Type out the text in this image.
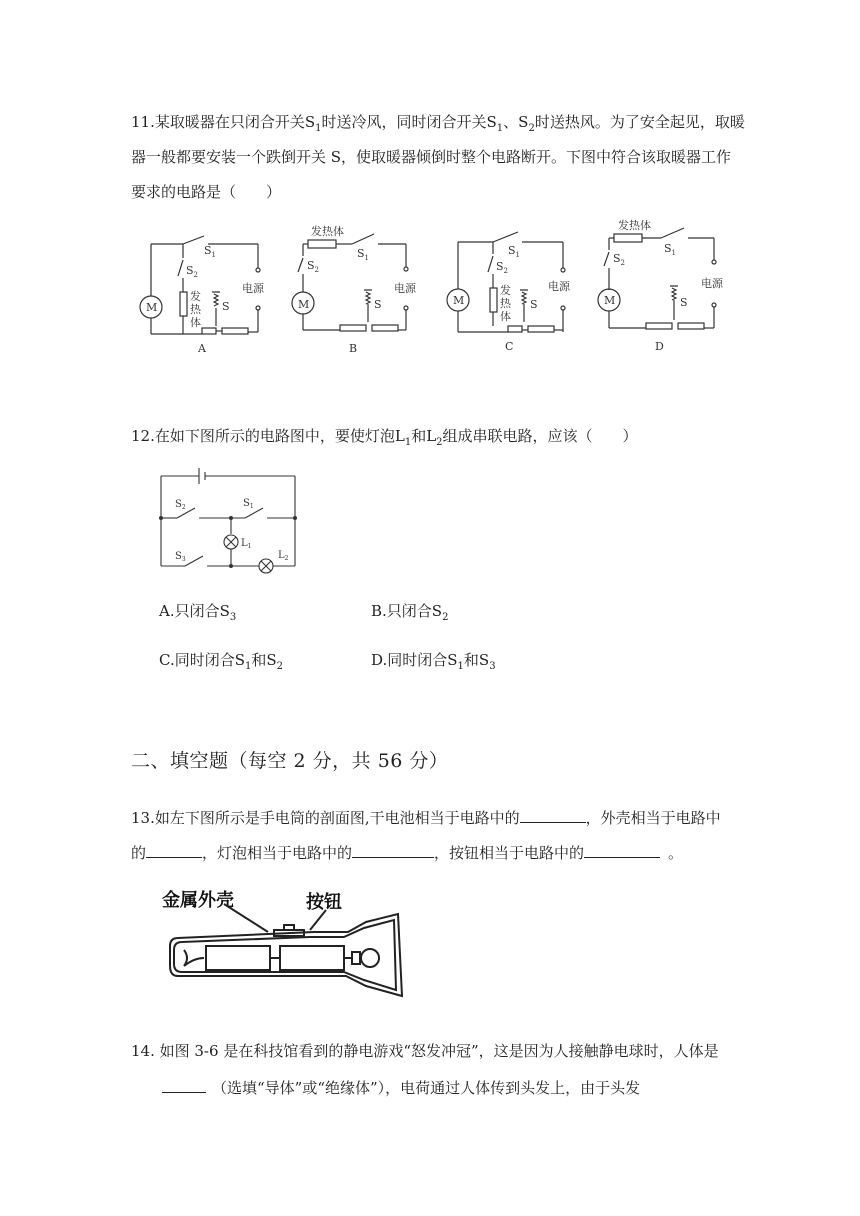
11.某取暖器在只闭合开关$S_1$时送冷风，同时闭合开关$S_1$、$S_2$时送热风。为了安全起见，取暖
器一般都要安装一个跌倒开关 S，使取暖器倾倒时整个电路断开。下图中符合该取暖器工作
要求的电路是（　　）
M
$S_1$
$S_2$
发
热
体
S
电源
A
M
发热体
$S_1$
$S_2$
S
电源
B
M
$S_1$
$S_2$
发
热
体
S
电源
C
M
发热体
$S_1$
$S_2$
S
电源
D
12.在如下图所示的电路图中，要使灯泡$L_1$和$L_2$组成串联电路，应该（　　）
$S_2$	$S_1$
$S_3$
$L_1$
$L_2$
A.只闭合$S_3$	B.只闭合$S_2$
C.同时闭合$S_1$和$S_2$	D.同时闭合$S_1$和$S_3$
二、填空题（每空 2 分，共 56 分）
13.如左下图所示是手电筒的剖面图,干电池相当于电路中的	，外壳相当于电路中
的	，灯泡相当于电路中的	，按钮相当于电路中的	。
金属外壳	按钮
14. 如图 3-6 是在科技馆看到的静电游戏“怒发冲冠”，这是因为人接触静电球时，人体是
（选填“导体”或“绝缘体”），电荷通过人体传到头发上，由于头发
